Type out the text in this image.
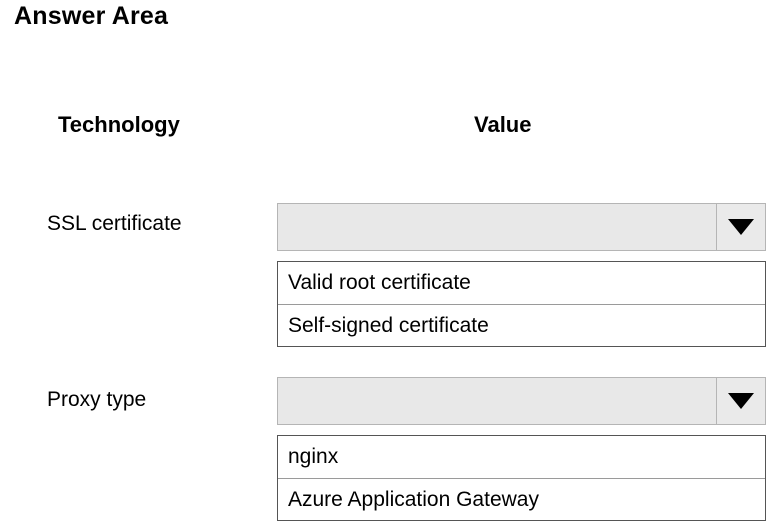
Answer Area
Technology	Value
SSL certificate
Valid root certificate
Self-signed certificate
Proxy type
nginx
Azure Application Gateway
